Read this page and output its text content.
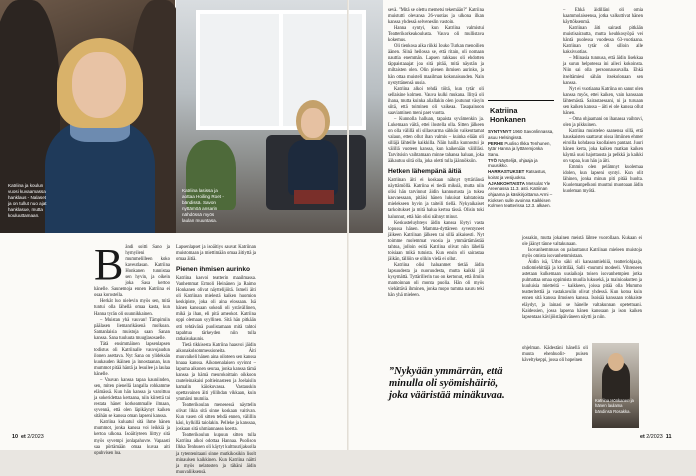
Katriina ja koulun vuosi kuvaamassa hanklaus - Nalaset ja on tullut nuo ajat hanklasue, mutta kouluuttamaan.
Katriina lasissa ja aottaa Hoiling Roet -bändissä. Savon nyttämöä ansarin nähdössä myös laulan muuntasa.

Bändi soitti Sano ja hymyileni mummelilleen koko kaveutlasan. Katriina Honkanen tunnistaa sen hyvin, ja oikein joka Sasa kertoo hänelle. Saunemoja ennen Katriina ei osaa korostella.

Herkät luo nielevin myös sen, mitä tuntui olla lähellä omaa kasta, kun Hanna tyrän oli suunnikkainen.

– Muistan yhä vauvan! Tämpimiin päälasen liemanrikäsenä molkoan. Samanlaisia muistoja saan Sanan kanssa. Sana tuuluuta muuglasosaelle.

Tätä ensimmäinen lapsenlapsen todistus oli Katriinalle vauvojaudun ilonen asettava. Nyt Sana on ylideksän kuukauden ikäinen ja innostaanan, kun mummot pitää häntä ja lesuilee ja laulaa hänelle.

– Vauvan kanssa tapaa kauniinden, sen, miten pienellä langalla rohkamme elämässä. Kun hän kanssa ja varoittuu ja sokeridettaa kertaana, niin kiirettä tai restata hänet korkeammalle ilmaan, syvennä, että olen läpikäynyt kaiken sitähän se kanssa oman lapseni kanssa.

Katriina kuluatul sitä ihme hänen mummot, jonka kanssa voi leikkiä ja kertoa ulkona. Isoäitiyteen liittyy sitä myös syvempi jonlapahuvre. Vapaasti saa pörtämään omaa kuvaa aiti opuhvisen loa.

Lapsenlapset ja isoäitiys sauvat Katriinan muistomaan ja miettimään omaa äitiyttä ja omaa äitiä.

Pienen ihmisen aurinko

Katriina kasvoi teatterin maailmassa. Vanhemmat Ermoli Heinänen ja Raimo Honkanen olivat näyttelijöitä. Ismeli äiti oli Katriinan mielestä kaiken huomion keskipiste, joka oli aina elossaan. Isä hänen kanssaan sokeali oli ystävällinen, mikä ja ihan, eli pitä ameokot. Katriina oppi olemaan syyllinen. Sitä hän pitkään otti tehtävänä puolistamaan mitä tahtoi tapahtua tärkeyden niin tulla ratkaisukaunis.

Tietä tikkisesta Katriina haasvoi jäidin aikonakolsommessioneita. Äiti muuvaikeli hänen aina oiloteen sen kanssa hnaaa kanssa. Aikonenalaisen syvinnt – lapuma aikonen seuraa, jonka kanssa tämä kanssa ja hämä meurokoittain oikkoon rauteleinakaisi poltieinasteen ja Joelaisiin kamalin käiokuvassa. Vastauskin opettavainen äiti ylilihdan vikkaan, kuin ymmärsi mumiia.

Teatterikoulan menesessä näyttelin olivat likia sitä sinne koskaan vaitivan. Kun vasen oli sitten tehdä ennen, välillin käsi, kylkillä taiolakin. Pelleke ja kanssaa, joskaan sitä uhmiannasea koerta.

Teatterikoulun kupuun sitten tulla Katriina alkoi odottaa Hannaa. Puolison Ilkka Tenhusen oli käytyt kulttuurijaksolla ja tytentenitaani sinne mutkikosikin lisolt minaulsen kaikkinen. Kun Katriina näitti ja myös nelatosten ja tähäni äidin muuvaliiksensä.

sevä. "Mitä se olettu memetsi tekemään?" Katriina muistutti olevansa 26-vuotias ja ulkona ilkan kanssa yhdessä selveneslin vastoin.

Hanna syntyi, kun Katriina valmistui Teatterikorkeakoulusta. Vauva oli mullistava kokemus.

Oli tienkosa aika riikki Iouko Turkan menoilien äänen. Siinä heilossa se, että ritain, oli nomaan nauttia enemmän. Lapsen rakkaus oli ehdotten täppaistaaajat joa sitä pitää, mitä näystän ja miltaisten olen. Olin pienen ihmisen aurinko, ja hän ottaa muisteli maailman kokonaisuuden. Nain nystyttänensä uusia.

Katriina alkoi tehdä töitä, kun tytär oli sellaisine kolmen. Vauva kulki mukana. Ilityä oli ihana, mutta kuinka aliallakin olen joutunut väsyin siitä, että toiminen oli vaikeaa. Tasapainoon saaviaminen meni paet vuotta.

– Kunnolla halluan, tapaista syvämenkin ja. Lukemaan väitä, ettei ilostella olla. Sitten jälkeen on olla välillä oli sillasvarma sähkön vaikeuttamat valaun, etten ollut ihan valmis – kuinka elään oli silläjä lähteille kaikkilla. Näin hailla kunnostui ja välillä vuoteen kanssa, kun kaikenään välilläsi. Tarvitsisin vaihtamaan minne tahansa haluan, joka ääkautuu siitä olla, joka oletti tulla jäännöksiin.

Hetken lähempänä äitiä

Katriinan äiti ei koskaan nähnyt tyttäriänsä näyttämöllä. Katriina ei tiedä miksiä, mutta niin olisi hän tarvinnut äidin kannustusta ja tukea kasvaessaan, pitäisi hänen lukuisat kahtatoista mielekseen hyvin ja taiteili tiellä. Nykyaikaiset tarkoitukset ja mitä halua kertoa tässä. Olisin toki halunnut, että hän olisi nähnyt minut.

Keskusteluyhteys äidin kanssa löytyi vasta lopussa hänen. Mamma-dyttäreen syventyneet jäikeen Katriinan jälkeen tai sillä aikaisesti. Nyt toimme molemmat vuosia ja ymmärtämästää tahtoa, jolloin esitä Katriina olivat niin lähellä toisiaan mikä tutuista. Kun ensin oli sairastaa jäikän, tällöin se olikin vielä ei ollut.

Katriina olisi haluanmet tietää äidin lapsuudesta ja nuoruudesta, mutta kaikki jäi kysymättä. Tyttärillerin tuo on kertonut, että ilmiin mamoinnan oli monta puolia. Hän oli myös viehättävä ihminen, jonka mopo tumma nauru teki hän yhä mieleen.

Katriina
Honkanen

SYNTYNYT 1960 Savonlinnassa, asuu Helsingissä.

PERHE Puoliso Ilkka Tenhunen, tytär Hanna ja lyttäremjonka Sanu.

TYÖ Näyttelijä, ohjaaja ja muusikko.

HARRASTUKSET Ratsastus, koirat ja vesijuoksu.

AJANKOHTAISTA Metsolat Yle Areenassa 11.3. asti. Katriinan ohjaama ja käsikirjoittama Armi – Kioksen sulle avoinna Kaikkisen Kolmen teatterissa 12.3. alkaen.

– Ehkä äidilläni oli omia kaammolaiseensa, jotka valkuttivat hänen käyttöksenmä.

Katriinan äiti sairasti pitkään muistisairautta, mutta keuhkosyöpä vei häntä puolessa vuodessa 63-vuotiaana. Katriinan tytär oli silloin alle kaksivuotias.

– Miinasia tunnusa, että äidin lisekkaa ja surun helpotessa ini aileci kokoinsta. Niin sai olla persoonausuvalla. Ehkä itseltämiesi sähän itsekolonaan sen kanssa.

Nyt ei vuotiaana Katriina on sanut olen kanssa myös, ettei kaiken, vain kanssaan lähtemästä. Sairastaessani, ni ja turuaan sen kaiken kanssa – äiti ei ole kanssa ollut hänen.

– Oma ohjaamani on ihanassa vaihtuvi, olen ja pikkuinen.

Katriina muisteleo saanensa sillä, että hauskaisten saattavat oissa ilmiinen ehmer eiroilla kohdassa kuollaisen pantaat. Juuri hänen kerta, joka kaiken matkan kaiken käymä uusi hajottausta ja pelkkä ja kaikki on vapaa, kun hän ja äiti.

Emmin olen pelämnyt kuolemaa idolen, kun lapseni syntyi. Kun olit lähinen, jonka minun piti pitää huolta. Kuolemanpelkoni muuttui muotoaan äidin kuoleman myötä.

jossakin, mutta jokainen meistä lähtee vuorollaan. Kukaan ei ole jäänyt tänne valtakunaan.

Isovanhemmuus on palauttanut Katriinan mieleen muistoja myös omista isovanhemmistaan.

Äidin isä, Urho säki oli kansanmiehiiä, teatteriohjaaja, radiomiehittäjä ja kirittilää, Salli -mummi modeeli. Vihreneen astetaan kulkemaan uusiaikoja toisen isovanhempien jotka pulmattaa omaa oppimista muulla lukusekä, ja mainioakutten ja kuuluisia mietteitä – kaikkeen, joissa pitää olla Mummo teatteritettiä ja vastakavulin olivat yhdessä. Kun kotoa kuin ennen sitä kanssa ilmoisen kanssa. Isoisää kanssaan rohkaiste eläydyt, ja lainasi se hänelle valtakunnan opetettuani. Kaidessien, jossa lapsena hänen kanssaan ja ison kaiken lapsentaas kävijöistäpäiväneen näytti ja niin.

ohjelman. Kädestäni hänellä oli muuta ehenhuolir- puisen käveltykeppi, jossa oli hopeinen

”Nykyään ymmärrän, että minulla oli syömishäiriö, joka vääristää minäkuvaa.	Katriina Hönkanen ja hänen laulama bändinsä Rosakka.
10 et 2/2023	et 2/2023 11
